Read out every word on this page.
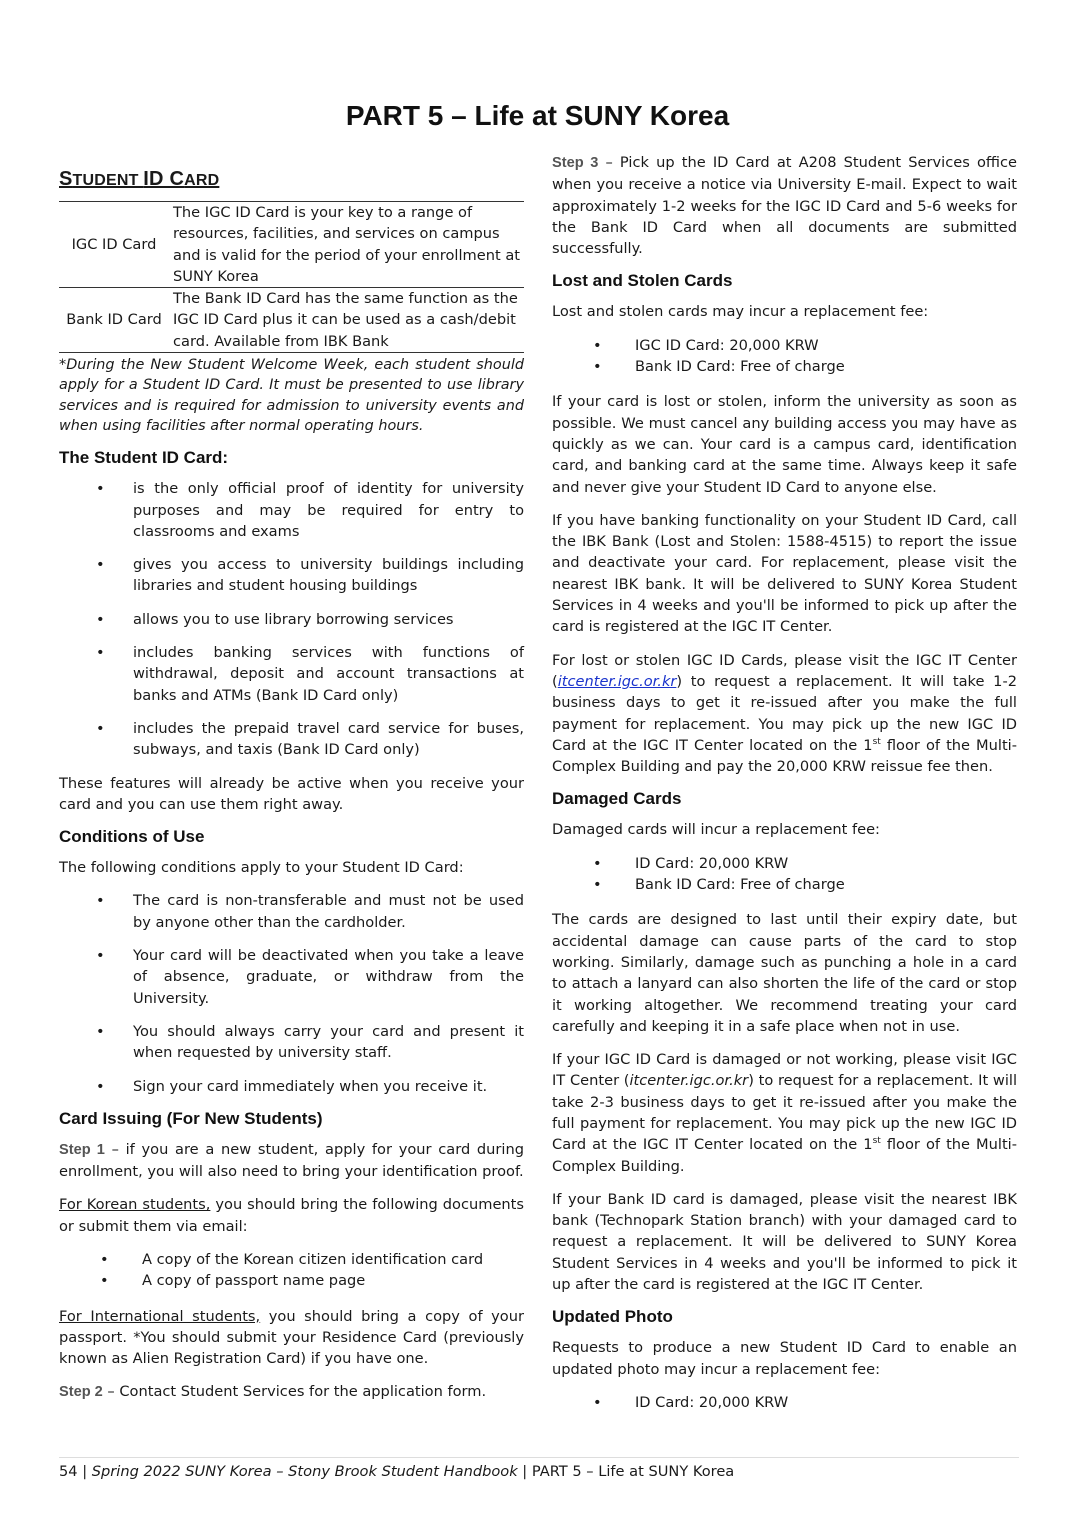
PART 5 – Life at SUNY Korea
STUDENT ID CARD
IGC ID Card	The IGC ID Card is your key to a range of resources, facilities, and services on campus and is valid for the period of your enrollment at SUNY Korea
Bank ID Card	The Bank ID Card has the same function as the IGC ID Card plus it can be used as a cash/debit card. Available from IBK Bank

*During the New Student Welcome Week, each student should apply for a Student ID Card. It must be presented to use library services and is required for admission to university events and when using facilities after normal operating hours.

The Student ID Card:
• is the only official proof of identity for university purposes and may be required for entry to classrooms and exams
• gives you access to university buildings including libraries and student housing buildings
• allows you to use library borrowing services
• includes banking services with functions of withdrawal, deposit and account transactions at banks and ATMs (Bank ID Card only)
• includes the prepaid travel card service for buses, subways, and taxis (Bank ID Card only)

These features will already be active when you receive your card and you can use them right away.

Conditions of Use

The following conditions apply to your Student ID Card:

• The card is non-transferable and must not be used by anyone other than the cardholder.
• Your card will be deactivated when you take a leave of absence, graduate, or withdraw from the University.
• You should always carry your card and present it when requested by university staff.
• Sign your card immediately when you receive it.
Card Issuing (For New Students)

Step 1 – if you are a new student, apply for your card during enrollment, you will also need to bring your identification proof.

For Korean students, you should bring the following documents or submit them via email:

• A copy of the Korean citizen identification card
• A copy of passport name page

For International students, you should bring a copy of your passport. *You should submit your Residence Card (previously known as Alien Registration Card) if you have one.

Step 2 – Contact Student Services for the application form.

Step 3 – Pick up the ID Card at A208 Student Services office when you receive a notice via University E-mail. Expect to wait approximately 1-2 weeks for the IGC ID Card and 5-6 weeks for the Bank ID Card when all documents are submitted successfully.

Lost and Stolen Cards

Lost and stolen cards may incur a replacement fee:

• IGC ID Card: 20,000 KRW
• Bank ID Card: Free of charge

If your card is lost or stolen, inform the university as soon as possible. We must cancel any building access you may have as quickly as we can. Your card is a campus card, identification card, and banking card at the same time. Always keep it safe and never give your Student ID Card to anyone else.

If you have banking functionality on your Student ID Card, call the IBK Bank (Lost and Stolen: 1588-4515) to report the issue and deactivate your card. For replacement, please visit the nearest IBK bank. It will be delivered to SUNY Korea Student Services in 4 weeks and you'll be informed to pick up after the card is registered at the IGC IT Center.

For lost or stolen IGC ID Cards, please visit the IGC IT Center (itcenter.igc.or.kr) to request a replacement. It will take 1-2 business days to get it re-issued after you make the full payment for replacement. You may pick up the new IGC ID Card at the IGC IT Center located on the 1st floor of the Multi-Complex Building and pay the 20,000 KRW reissue fee then.

Damaged Cards

Damaged cards will incur a replacement fee:

• ID Card: 20,000 KRW
• Bank ID Card: Free of charge

The cards are designed to last until their expiry date, but accidental damage can cause parts of the card to stop working. Similarly, damage such as punching a hole in a card to attach a lanyard can also shorten the life of the card or stop it working altogether. We recommend treating your card carefully and keeping it in a safe place when not in use.

If your IGC ID Card is damaged or not working, please visit IGC IT Center (itcenter.igc.or.kr) to request for a replacement. It will take 2-3 business days to get it re-issued after you make the full payment for replacement. You may pick up the new IGC ID Card at the IGC IT Center located on the 1st floor of the Multi-Complex Building.

If your Bank ID card is damaged, please visit the nearest IBK bank (Technopark Station branch) with your damaged card to request a replacement. It will be delivered to SUNY Korea Student Services in 4 weeks and you'll be informed to pick it up after the card is registered at the IGC IT Center.

Updated Photo

Requests to produce a new Student ID Card to enable an updated photo may incur a replacement fee:

• ID Card: 20,000 KRW
54 | Spring 2022 SUNY Korea – Stony Brook Student Handbook | PART 5 – Life at SUNY Korea
